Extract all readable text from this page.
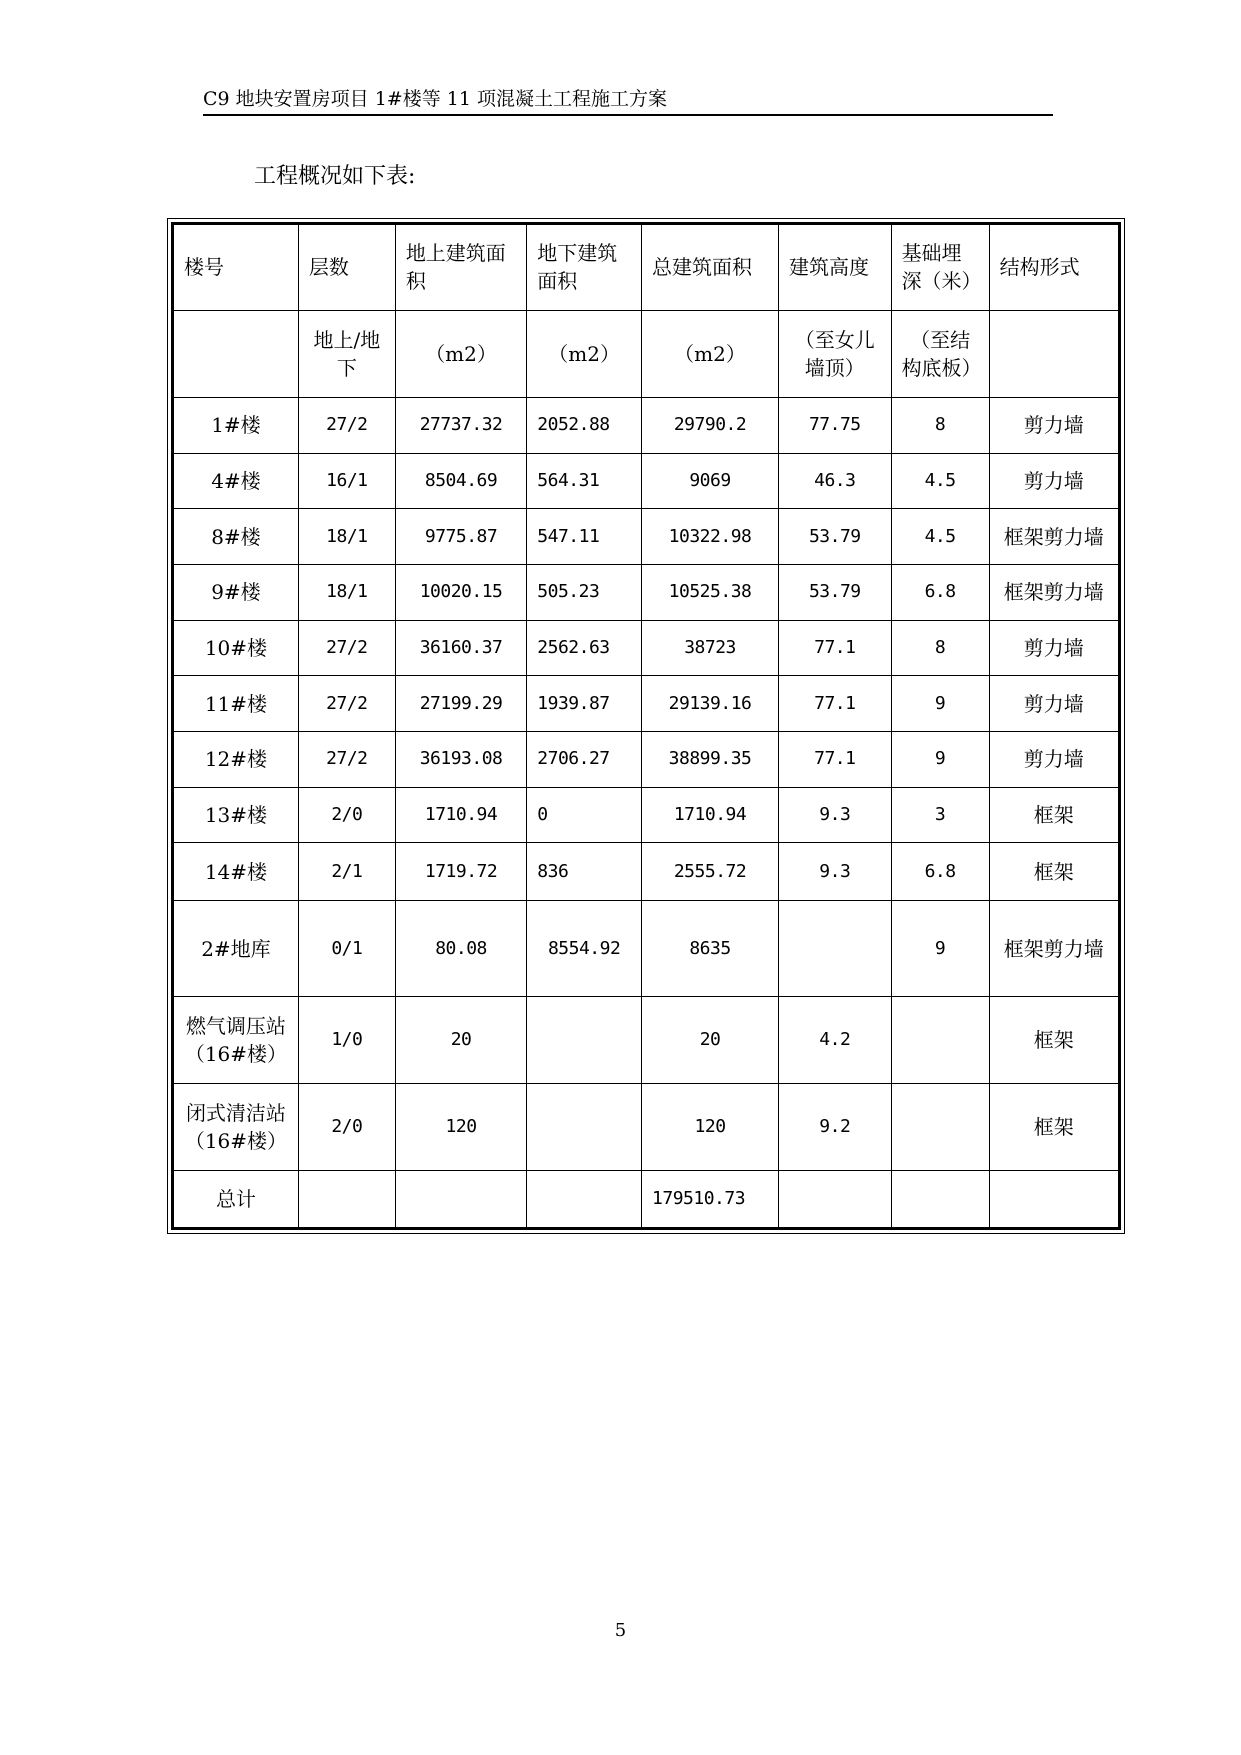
C9 地块安置房项目 1#楼等 11 项混凝土工程施工方案
工程概况如下表:
楼号	层数	地上建筑面积	地下建筑面积	总建筑面积	建筑高度	基础埋深（米）	结构形式
	地上/地下	（m2）	（m2）	（m2）	（至女儿墙顶）	（至结构底板）	
1#楼	27/2	27737.32	2052.88	29790.2	77.75	8	剪力墙
4#楼	16/1	8504.69	564.31	9069	46.3	4.5	剪力墙
8#楼	18/1	9775.87	547.11	10322.98	53.79	4.5	框架剪力墙
9#楼	18/1	10020.15	505.23	10525.38	53.79	6.8	框架剪力墙
10#楼	27/2	36160.37	2562.63	38723	77.1	8	剪力墙
11#楼	27/2	27199.29	1939.87	29139.16	77.1	9	剪力墙
12#楼	27/2	36193.08	2706.27	38899.35	77.1	9	剪力墙
13#楼	2/0	1710.94	0	1710.94	9.3	3	框架
14#楼	2/1	1719.72	836	2555.72	9.3	6.8	框架
2#地库	0/1	80.08	8554.92	8635		9	框架剪力墙
燃气调压站（16#楼）	1/0	20		20	4.2		框架
闭式清洁站（16#楼）	2/0	120		120	9.2		框架
总计				179510.73			
5
